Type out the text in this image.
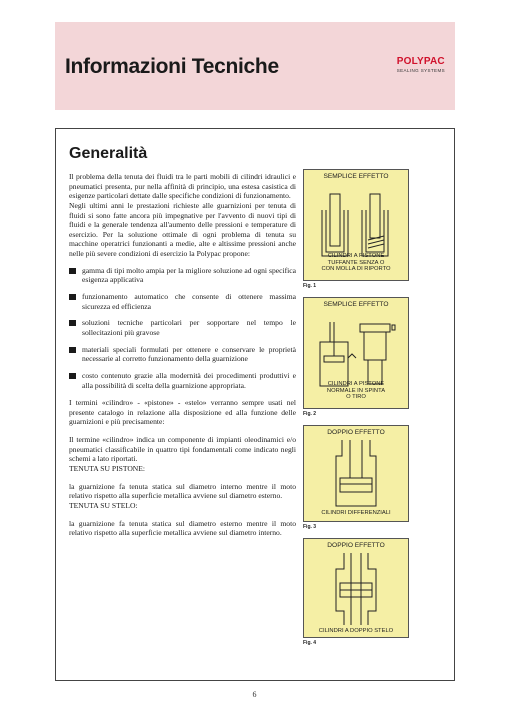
Informazioni Tecniche	POLYPAC
SEALING SYSTEMS
Generalità

Il problema della tenuta dei fluidi tra le parti mobili di cilindri idraulici e pneumatici presenta, pur nella affinità di principio, una estesa casistica di esigenze particolari dettate dalle specifiche condizioni di funzionamento.

Negli ultimi anni le prestazioni richieste alle guarnizioni per tenuta di fluidi si sono fatte ancora più impegnative per l'avvento di nuovi tipi di fluidi e la generale tendenza all'aumento delle pressioni e temperature di esercizio. Per la soluzione ottimale di ogni problema di tenuta su macchine operatrici funzionanti a medie, alte e altissime pressioni anche nelle più severe condizioni di esercizio la Polypac propone:

gamma di tipi molto ampia per la migliore soluzione ad ogni specifica esigenza applicativa
funzionamento automatico che consente di ottenere massima sicurezza ed efficienza
soluzioni tecniche particolari per sopportare nel tempo le sollecitazioni più gravose
materiali speciali formulati per ottenere e conservare le proprietà necessarie al corretto funzionamento della guarnizione
costo contenuto grazie alla modernità dei procedimenti produttivi e alla possibilità di scelta della guarnizione appropriata.

I termini «cilindro» - «pistone» - «stelo» verranno sempre usati nel presente catalogo in relazione alla disposizione ed alla funzione delle guarnizioni e più precisamente:

Il termine «cilindro» indica un componente di impianti oleodinamici e/o pneumatici classificabile in quattro tipi fondamentali come indicato negli schemi a lato riportati.

TENUTA SU PISTONE:

la guarnizione fa tenuta statica sul diametro interno mentre il moto relativo rispetto alla superficie metallica avviene sul diametro esterno.

TENUTA SU STELO:

la guarnizione fa tenuta statica sul diametro esterno mentre il moto relativo rispetto alla superficie metallica avviene sul diametro interno.

SEMPLICE EFFETTO
CILINDRI A PISTONE
TUFFANTE SENZA O
CON MOLLA DI RIPORTO
Fig. 1
SEMPLICE EFFETTO
CILINDRI A PISTONE
NORMALE IN SPINTA
O TIRO
Fig. 2
DOPPIO EFFETTO
CILINDRI DIFFERENZIALI
Fig. 3
DOPPIO EFFETTO
CILINDRI A DOPPIO STELO
Fig. 4
6
